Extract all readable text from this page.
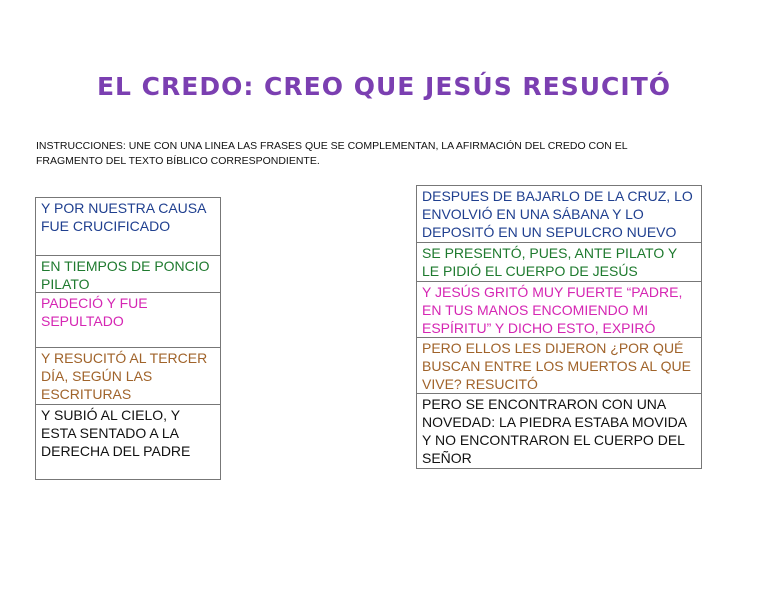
EL CREDO: CREO QUE JESÚS RESUCITÓ

INSTRUCCIONES: UNE CON UNA LINEA LAS FRASES QUE SE COMPLEMENTAN, LA AFIRMACIÓN DEL CREDO CON EL FRAGMENTO DEL TEXTO BÍBLICO CORRESPONDIENTE.

Y POR NUESTRA CAUSA FUE CRUCIFICADO
EN TIEMPOS DE PONCIO PILATO
PADECIÓ Y FUE SEPULTADO
Y RESUCITÓ AL TERCER DÍA, SEGÚN LAS ESCRITURAS
Y SUBIÓ AL CIELO, Y ESTA SENTADO A LA DERECHA DEL PADRE
DESPUES DE BAJARLO DE LA CRUZ, LO ENVOLVIÓ EN UNA SÁBANA Y LO DEPOSITÓ EN UN SEPULCRO NUEVO
SE PRESENTÓ, PUES, ANTE PILATO Y LE PIDIÓ EL CUERPO DE JESÚS
Y JESÚS GRITÓ MUY FUERTE “PADRE, EN TUS MANOS ENCOMIENDO MI ESPÍRITU” Y DICHO ESTO, EXPIRÓ
PERO ELLOS LES DIJERON ¿POR QUÉ BUSCAN ENTRE LOS MUERTOS AL QUE VIVE? RESUCITÓ
PERO SE ENCONTRARON CON UNA NOVEDAD: LA PIEDRA ESTABA MOVIDA Y NO ENCONTRARON EL CUERPO DEL SEÑOR
